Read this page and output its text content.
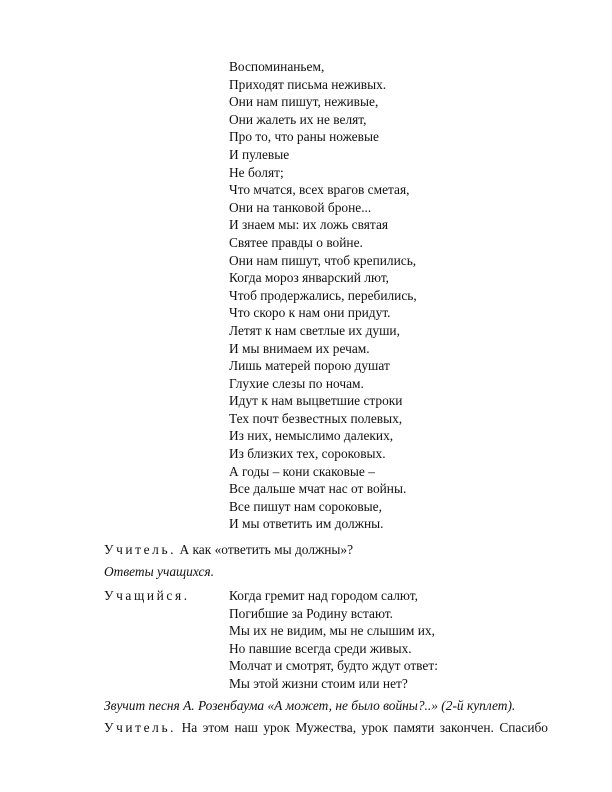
Воспоминаньем,
Приходят письма неживых.
Они нам пишут, неживые,
Они жалеть их не велят,
Про то, что раны ножевые
И пулевые
Не болят;
Что мчатся, всех врагов сметая,
Они на танковой броне...
И знаем мы: их ложь святая
Святее правды о войне.
Они нам пишут, чтоб крепились,
Когда мороз январский лют,
Чтоб продержались, перебились,
Что скоро к нам они придут.
Летят к нам светлые их души,
И мы внимаем их речам.
Лишь матерей порою душат
Глухие слезы по ночам.
Идут к нам выцветшие строки
Тех почт безвестных полевых,
Из них, немыслимо далеких,
Из близких тех, сороковых.
А годы – кони скаковые –
Все дальше мчат нас от войны.
Все пишут нам сороковые,
И мы ответить им должны.
Учитель. А как «ответить мы должны»?
Ответы учащихся.
Учащийся.	Когда гремит над городом салют,
Погибшие за Родину встают.
Мы их не видим, мы не слышим их,
Но павшие всегда среди живых.
Молчат и смотрят, будто ждут ответ:
Мы этой жизни стоим или нет?
Звучит песня А. Розенбаума «А может, не было войны?..» (2-й куплет).
Учитель. На этом наш урок Мужества, урок памяти закончен. Спасибо
